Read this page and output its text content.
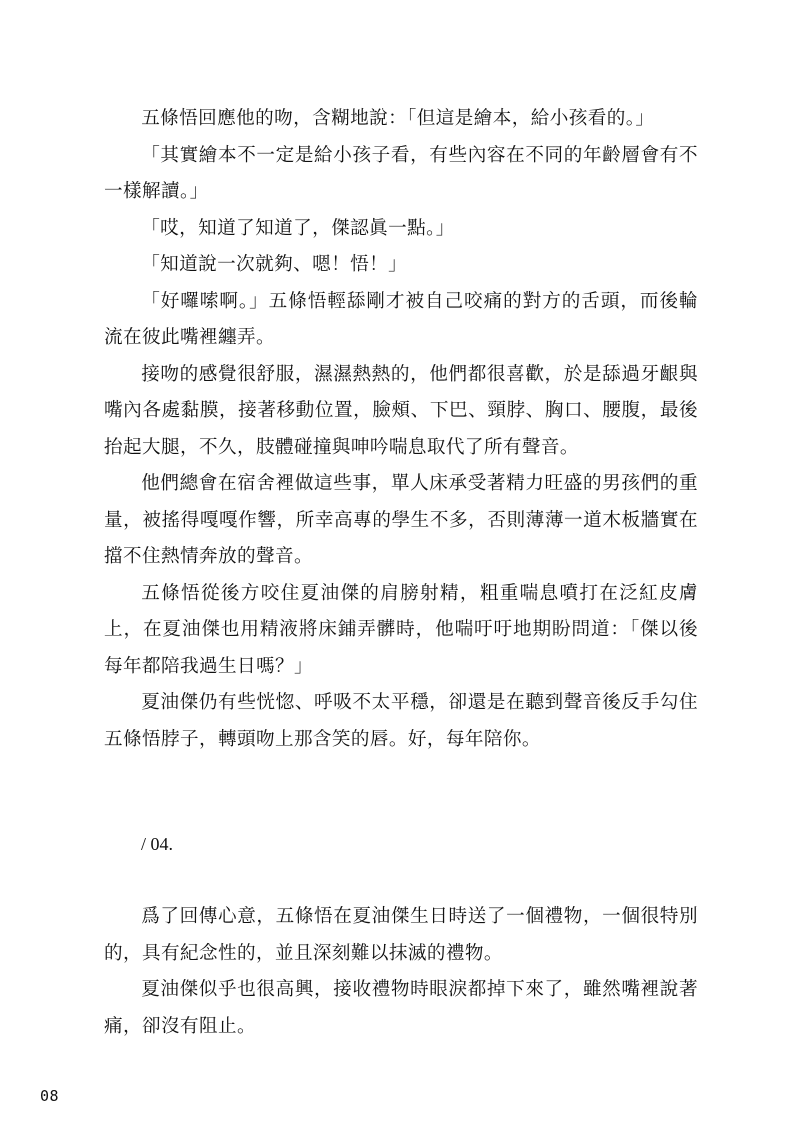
五條悟回應他的吻，含糊地說：「但這是繪本，給小孩看的。」

「其實繪本不一定是給小孩子看，有些內容在不同的年齡層會有不一樣解讀。」

「哎，知道了知道了，傑認眞一點。」

「知道說一次就夠、嗯！悟！」

「好囉嗦啊。」五條悟輕舔剛才被自己咬痛的對方的舌頭，而後輪流在彼此嘴裡纏弄。

接吻的感覺很舒服，濕濕熱熱的，他們都很喜歡，於是舔過牙齦與嘴內各處黏膜，接著移動位置，臉頰、下巴、頸脖、胸口、腰腹，最後抬起大腿，不久，肢體碰撞與呻吟喘息取代了所有聲音。

他們總會在宿舍裡做這些事，單人床承受著精力旺盛的男孩們的重量，被搖得嘎嘎作響，所幸高專的學生不多，否則薄薄一道木板牆實在擋不住熱情奔放的聲音。

五條悟從後方咬住夏油傑的肩膀射精，粗重喘息噴打在泛紅皮膚上，在夏油傑也用精液將床鋪弄髒時，他喘吁吁地期盼問道：「傑以後每年都陪我過生日嗎？」

夏油傑仍有些恍惚、呼吸不太平穩，卻還是在聽到聲音後反手勾住五條悟脖子，轉頭吻上那含笑的唇。好，每年陪你。

/ 04.

爲了回傳心意，五條悟在夏油傑生日時送了一個禮物，一個很特別的，具有紀念性的，並且深刻難以抹滅的禮物。

夏油傑似乎也很高興，接收禮物時眼淚都掉下來了，雖然嘴裡說著痛，卻沒有阻止。

08
